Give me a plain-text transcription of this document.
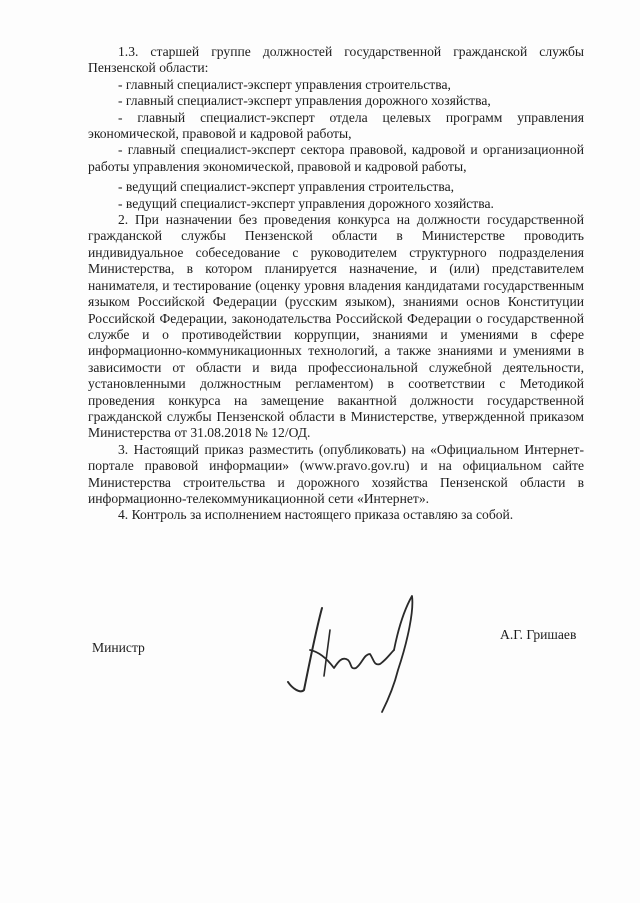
1.3. старшей группе должностей государственной гражданской службы Пензенской области:

- главный специалист-эксперт управления строительства,

- главный специалист-эксперт управления дорожного хозяйства,

- главный специалист-эксперт отдела целевых программ управления экономической, правовой и кадровой работы,

- главный специалист-эксперт сектора правовой, кадровой и организационной работы управления экономической, правовой и кадровой работы,

- ведущий специалист-эксперт управления строительства,

- ведущий специалист-эксперт управления дорожного хозяйства.

2. При назначении без проведения конкурса на должности государственной гражданской службы Пензенской области в Министерстве проводить индивидуальное собеседование с руководителем структурного подразделения Министерства, в котором планируется назначение, и (или) представителем нанимателя, и тестирование (оценку уровня владения кандидатами государственным языком Российской Федерации (русским языком), знаниями основ Конституции Российской Федерации, законодательства Российской Федерации о государственной службе и о противодействии коррупции, знаниями и умениями в сфере информационно-коммуникационных технологий, а также знаниями и умениями в зависимости от области и вида профессиональной служебной деятельности, установленными должностным регламентом) в соответствии с Методикой проведения конкурса на замещение вакантной должности государственной гражданской службы Пензенской области в Министерстве, утвержденной приказом Министерства от 31.08.2018 № 12/ОД.

3. Настоящий приказ разместить (опубликовать) на «Официальном Интернет-портале правовой информации» (www.pravo.gov.ru) и на официальном сайте Министерства строительства и дорожного хозяйства Пензенской области в информационно-телекоммуникационной сети «Интернет».

4. Контроль за исполнением настоящего приказа оставляю за собой.

Министр
А.Г. Гришаев
